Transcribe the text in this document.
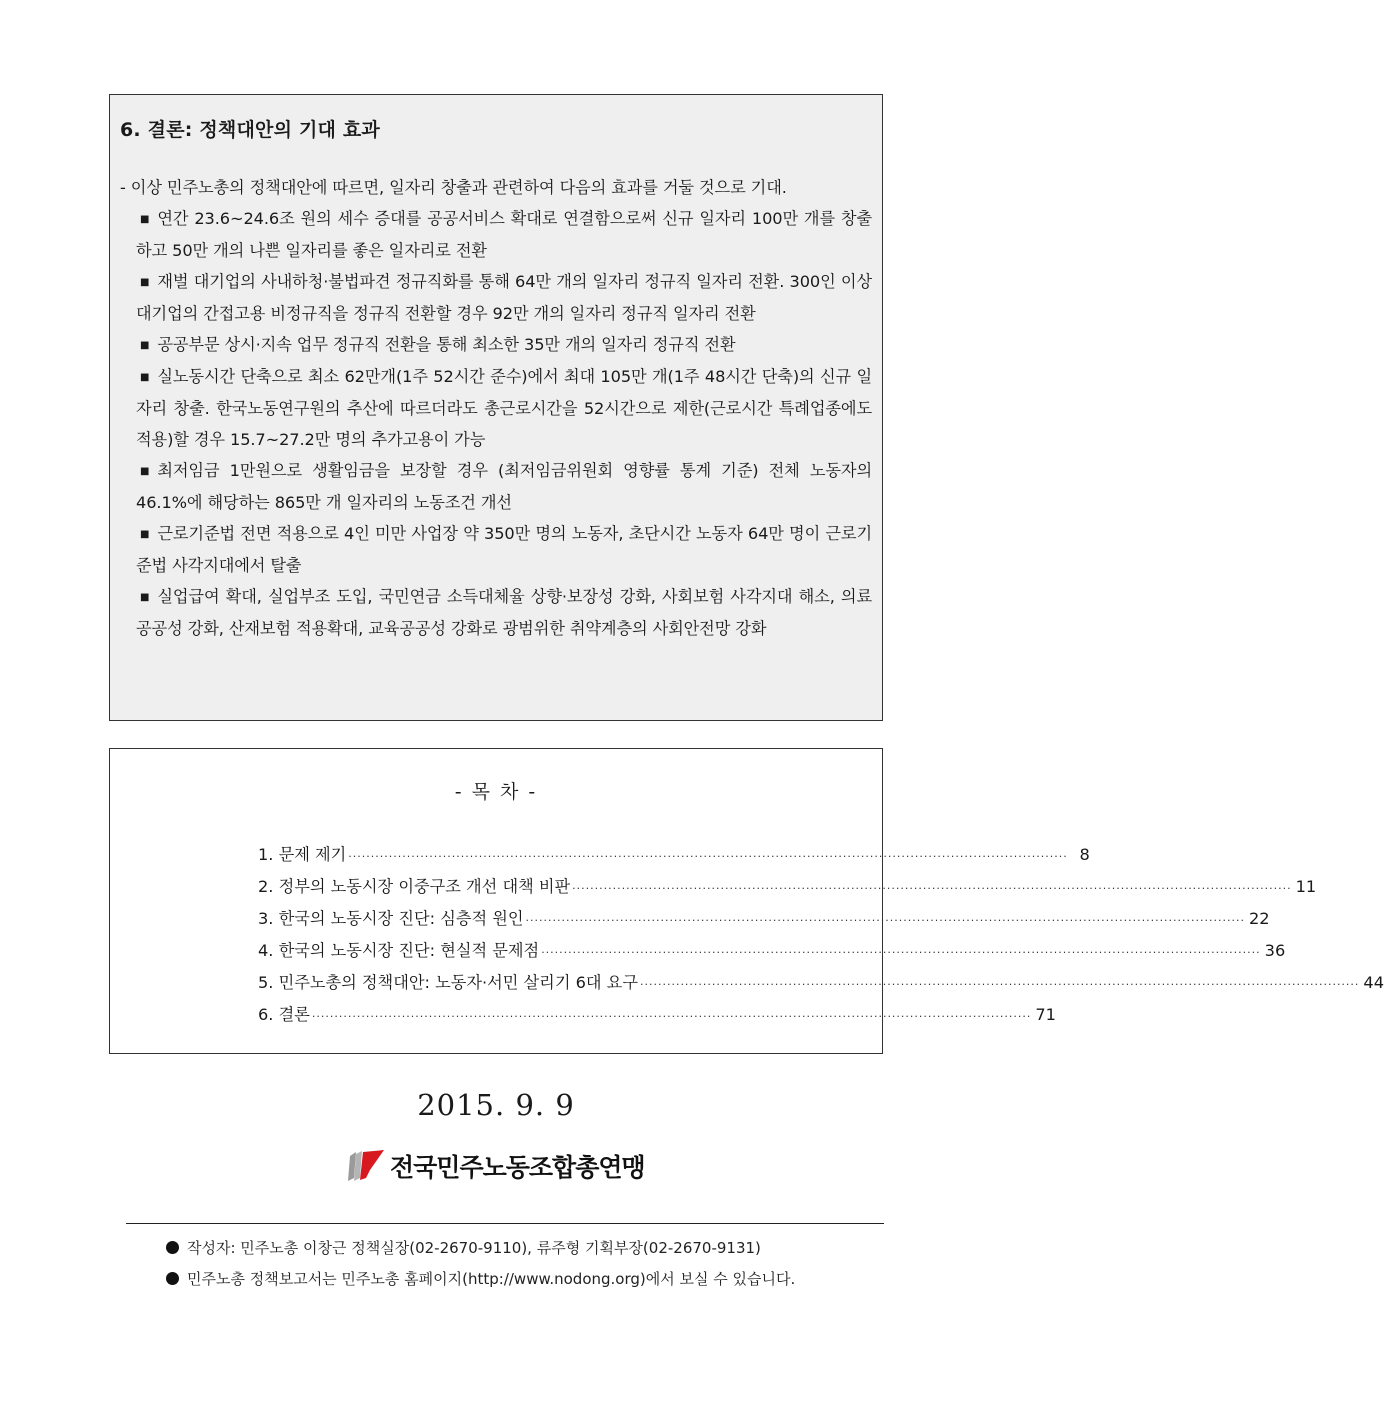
6. 결론: 정책대안의 기대 효과

- 이상 민주노총의 정책대안에 따르면, 일자리 창출과 관련하여 다음의 효과를 거둘 것으로 기대.

■ 연간 23.6~24.6조 원의 세수 증대를 공공서비스 확대로 연결함으로써 신규 일자리 100만 개를 창출하고 50만 개의 나쁜 일자리를 좋은 일자리로 전환
■ 재벌 대기업의 사내하청·불법파견 정규직화를 통해 64만 개의 일자리 정규직 일자리 전환. 300인 이상 대기업의 간접고용 비정규직을 정규직 전환할 경우 92만 개의 일자리 정규직 일자리 전환
■ 공공부문 상시·지속 업무 정규직 전환을 통해 최소한 35만 개의 일자리 정규직 전환
■ 실노동시간 단축으로 최소 62만개(1주 52시간 준수)에서 최대 105만 개(1주 48시간 단축)의 신규 일자리 창출. 한국노동연구원의 추산에 따르더라도 총근로시간을 52시간으로 제한(근로시간 특례업종에도 적용)할 경우 15.7~27.2만 명의 추가고용이 가능
■ 최저임금 1만원으로 생활임금을 보장할 경우 (최저임금위원회 영향률 통계 기준) 전체 노동자의 46.1%에 해당하는 865만 개 일자리의 노동조건 개선
■ 근로기준법 전면 적용으로 4인 미만 사업장 약 350만 명의 노동자, 초단시간 노동자 64만 명이 근로기준법 사각지대에서 탈출
■ 실업급여 확대, 실업부조 도입, 국민연금 소득대체율 상향·보장성 강화, 사회보험 사각지대 해소, 의료공공성 강화, 산재보험 적용확대, 교육공공성 강화로 광범위한 취약계층의 사회안전망 강화
- 목 차 -
1. 문제 제기 ································································································································································ 8
2. 정부의 노동시장 이중구조 개선 대책 비판 ································································································································································ 11
3. 한국의 노동시장 진단: 심층적 원인 ································································································································································ 22
4. 한국의 노동시장 진단: 현실적 문제점 ································································································································································ 36
5. 민주노총의 정책대안: 노동자·서민 살리기 6대 요구 ································································································································································ 44
6. 결론 ································································································································································ 71
2015. 9. 9
전국민주노동조합총연맹
작성자: 민주노총 이창근 정책실장(02-2670-9110), 류주형 기획부장(02-2670-9131)
민주노총 정책보고서는 민주노총 홈페이지(http://www.nodong.org)에서 보실 수 있습니다.
